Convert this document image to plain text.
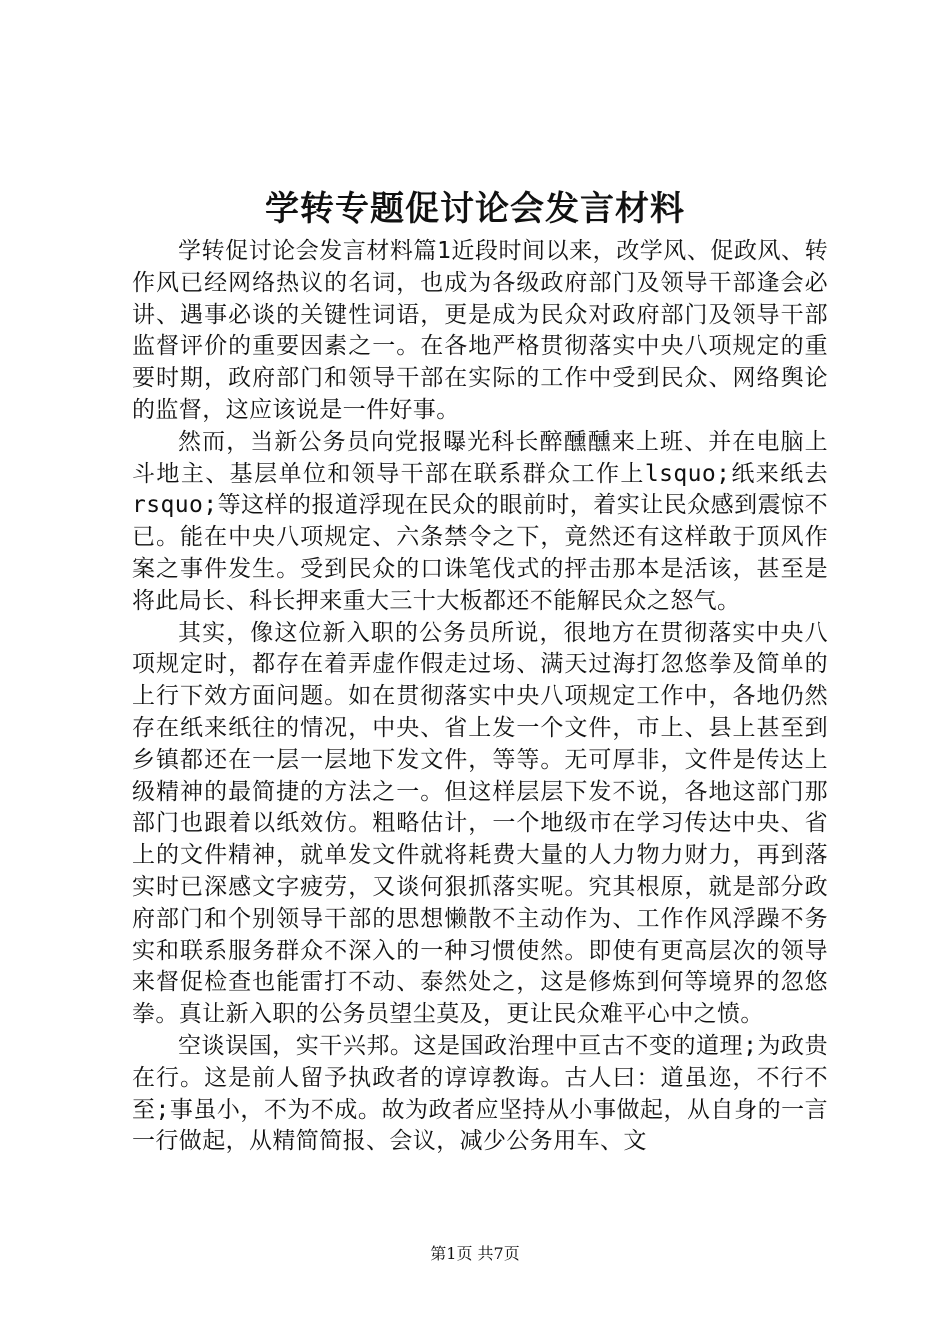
学转专题促讨论会发言材料

学转促讨论会发言材料篇1近段时间以来，改学风、促政风、转作风已经网络热议的名词，也成为各级政府部门及领导干部逢会必讲、遇事必谈的关键性词语，更是成为民众对政府部门及领导干部监督评价的重要因素之一。在各地严格贯彻落实中央八项规定的重要时期，政府部门和领导干部在实际的工作中受到民众、网络舆论的监督，这应该说是一件好事。

然而，当新公务员向党报曝光科长醉醺醺来上班、并在电脑上斗地主、基层单位和领导干部在联系群众工作上lsquo;纸来纸去rsquo;等这样的报道浮现在民众的眼前时，着实让民众感到震惊不已。能在中央八项规定、六条禁令之下，竟然还有这样敢于顶风作案之事件发生。受到民众的口诛笔伐式的抨击那本是活该，甚至是将此局长、科长押来重大三十大板都还不能解民众之怒气。

其实，像这位新入职的公务员所说，很地方在贯彻落实中央八项规定时，都存在着弄虚作假走过场、满天过海打忽悠拳及简单的上行下效方面问题。如在贯彻落实中央八项规定工作中，各地仍然存在纸来纸往的情况，中央、省上发一个文件，市上、县上甚至到乡镇都还在一层一层地下发文件，等等。无可厚非，文件是传达上级精神的最简捷的方法之一。但这样层层下发不说，各地这部门那部门也跟着以纸效仿。粗略估计，一个地级市在学习传达中央、省上的文件精神，就单发文件就将耗费大量的人力物力财力，再到落实时已深感文字疲劳，又谈何狠抓落实呢。究其根原，就是部分政府部门和个别领导干部的思想懒散不主动作为、工作作风浮躁不务实和联系服务群众不深入的一种习惯使然。即使有更高层次的领导来督促检查也能雷打不动、泰然处之，这是修炼到何等境界的忽悠拳。真让新入职的公务员望尘莫及，更让民众难平心中之愤。

空谈误国，实干兴邦。这是国政治理中亘古不变的道理;为政贵在行。这是前人留予执政者的谆谆教诲。古人曰：道虽迩，不行不至;事虽小，不为不成。故为政者应坚持从小事做起，从自身的一言一行做起，从精简简报、会议，减少公务用车、文

第1页 共7页
